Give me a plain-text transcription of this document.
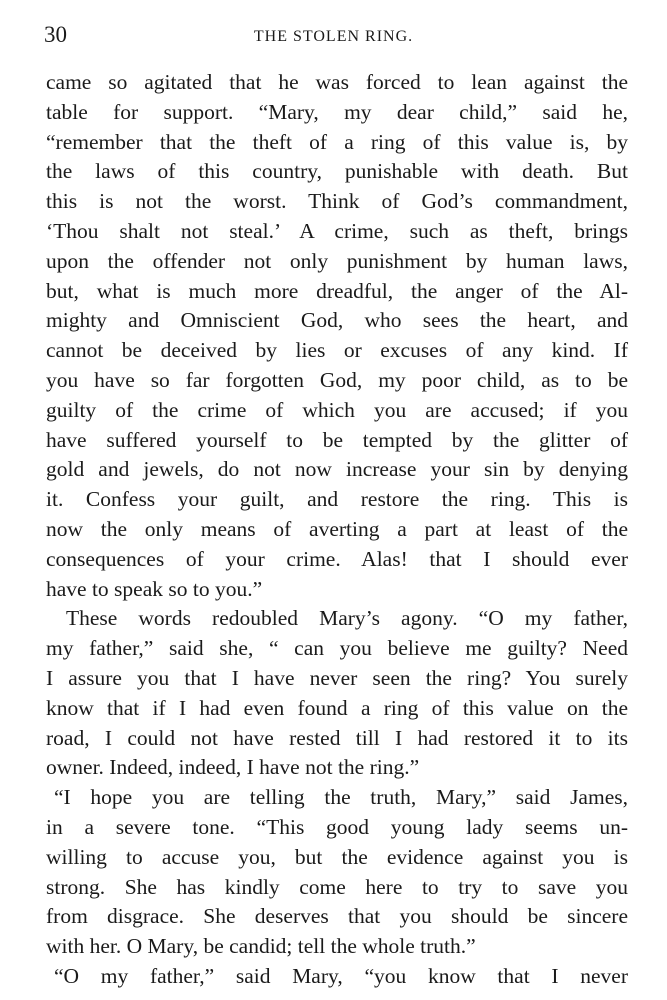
30	THE STOLEN RING.
came so agitated that he was forced to lean against the
table for support. “Mary, my dear child,” said he,
“remember that the theft of a ring of this value is, by
the laws of this country, punishable with death. But
this is not the worst. Think of God’s commandment,
‘Thou shalt not steal.’ A crime, such as theft, brings
upon the offender not only punishment by human laws,
but, what is much more dreadful, the anger of the Al-
mighty and Omniscient God, who sees the heart, and
cannot be deceived by lies or excuses of any kind. If
you have so far forgotten God, my poor child, as to be
guilty of the crime of which you are accused; if you
have suffered yourself to be tempted by the glitter of
gold and jewels, do not now increase your sin by denying
it. Confess your guilt, and restore the ring. This is
now the only means of averting a part at least of the
consequences of your crime. Alas! that I should ever
have to speak so to you.”
These words redoubled Mary’s agony. “O my father,
my father,” said she, “ can you believe me guilty? Need
I assure you that I have never seen the ring? You surely
know that if I had even found a ring of this value on the
road, I could not have rested till I had restored it to its
owner. Indeed, indeed, I have not the ring.”
“I hope you are telling the truth, Mary,” said James,
in a severe tone. “This good young lady seems un-
willing to accuse you, but the evidence against you is
strong. She has kindly come here to try to save you
from disgrace. She deserves that you should be sincere
with her. O Mary, be candid; tell the whole truth.”
“O my father,” said Mary, “you know that I never
